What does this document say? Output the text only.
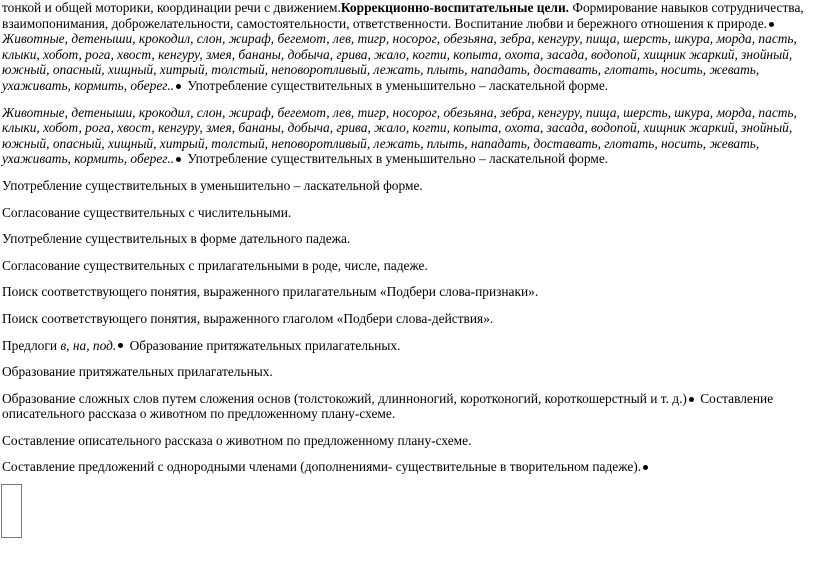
тонкой и общей моторики, координации речи с движением.Коррекционно-воспитательные цели. Формирование навыков сотрудничества, взаимопонимания, доброжелательности, самостоятельности, ответственности. Воспитание любви и бережного отношения к природе. Животные, детеныши, крокодил, слон, жираф, бегемот, лев, тигр, носорог, обезьяна, зебра, кенгуру, пища, шерсть, шкура, морда, пасть, клыки, хобот, рога, хвост, кенгуру, змея, бананы, добыча, грива, жало, когти, копыта, охота, засада, водопой, хищник жаркий, знойный, южный, опасный, хищный, хитрый, толстый, неповоротливый, лежать, плыть, нападать, доставать, глотать, носить, жевать, ухаживать, кормить, оберег.. Употребление существительных в уменьшительно – ласкательной форме.

Животные, детеныши, крокодил, слон, жираф, бегемот, лев, тигр, носорог, обезьяна, зебра, кенгуру, пища, шерсть, шкура, морда, пасть, клыки, хобот, рога, хвост, кенгуру, змея, бананы, добыча, грива, жало, когти, копыта, охота, засада, водопой, хищник жаркий, знойный, южный, опасный, хищный, хитрый, толстый, неповоротливый, лежать, плыть, нападать, доставать, глотать, носить, жевать, ухаживать, кормить, оберег.. Употребление существительных в уменьшительно – ласкательной форме.

Употребление существительных в уменьшительно – ласкательной форме.

Согласование существительных с числительными.

Употребление существительных в форме дательного падежа.

Согласование существительных с прилагательными в роде, числе, падеже.

Поиск соответствующего понятия, выраженного прилагательным «Подбери слова-признаки».

Поиск соответствующего понятия, выраженного глаголом «Подбери слова-действия».

Предлоги в, на, под. Образование притяжательных прилагательных.

Образование притяжательных прилагательных.

Образование сложных слов путем сложения основ (толстокожий, длинноногий, коротконогий, короткошерстный и т. д.) Составление описательного рассказа о животном по предложенному плану-схеме.

Составление описательного рассказа о животном по предложенному плану-схеме.

Составление предложений с однородными членами (дополнениями- существительные в творительном падеже).
